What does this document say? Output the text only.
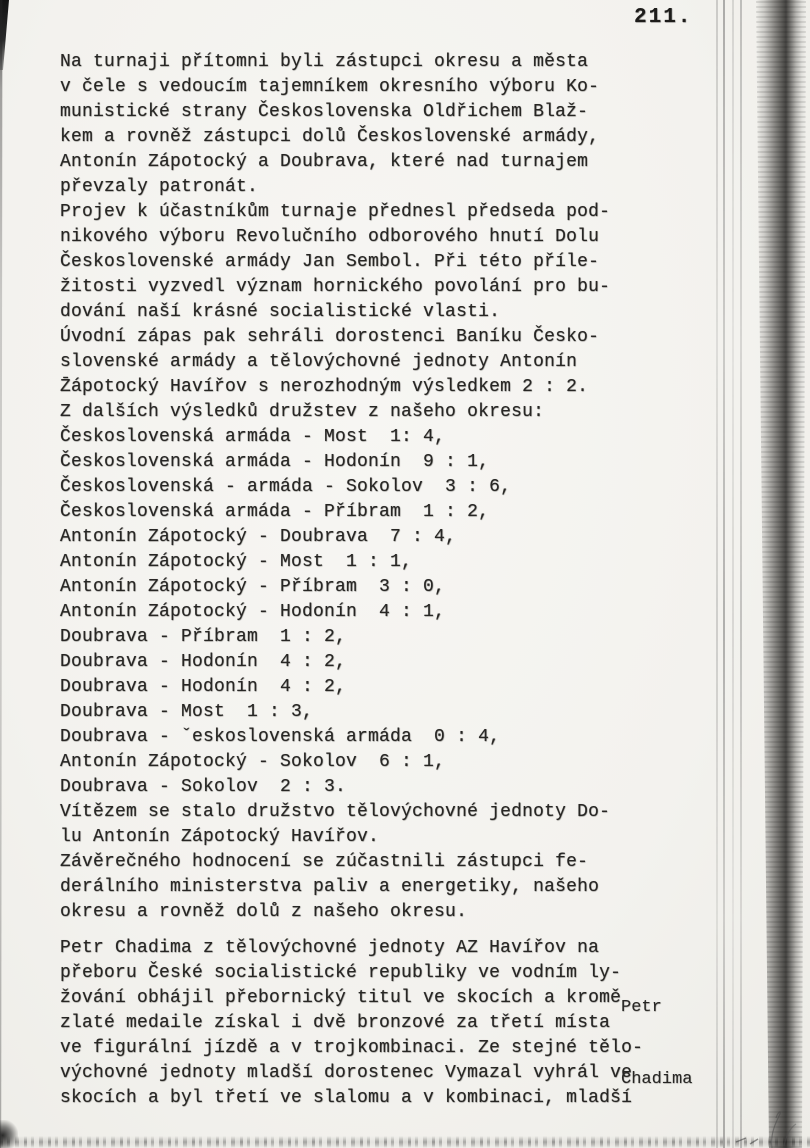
211.
Na turnaji přítomni byli zástupci okresu a města
v čele s vedoucím tajemníkem okresního výboru Ko-
munistické strany Československa Oldřichem Blaž-
kem a rovněž zástupci dolů Československé armády,
Antonín Zápotocký a Doubrava, které nad turnajem
převzaly patronát.
Projev k účastníkům turnaje přednesl předseda pod-
nikového výboru Revolučního odborového hnutí Dolu
Československé armády Jan Sembol. Při této příle-
žitosti vyzvedl význam hornického povolání pro bu-
dování naší krásné socialistické vlasti.
Úvodní zápas pak sehráli dorostenci Baníku Česko-
slovenské armády a tělovýchovné jednoty Antonín
Z̄ápotocký Havířov s nerozhodným výsledkem 2 : 2.
Z dalších výsledků družstev z našeho okresu:
Československá armáda - Most  1: 4,
Československá armáda - Hodonín  9 : 1,
Československá - armáda - Sokolov  3 : 6,
Československá armáda - Příbram  1 : 2,
Antonín Zápotocký - Doubrava  7 : 4,
Antonín Zápotocký - Most  1 : 1,
Antonín Zápotocký - Příbram  3 : 0,
Antonín Zápotocký - Hodonín  4 : 1,
Doubrava - Příbram  1 : 2,
Doubrava - Hodonín  4 : 2,
Doubrava - Hodonín  4 : 2,
Doubrava - Most  1 : 3,
Doubrava - ˇeskoslovenská armáda  0 : 4,
Antonín Zápotocký - Sokolov  6 : 1,
Doubrava - Sokolov  2 : 3.
Vítězem se stalo družstvo tělovýchovné jednoty Do-
lu Antonín Zápotocký Havířov.
Závěrečného hodnocení se zúčastnili zástupci fe-
derálního ministerstva paliv a energetiky, našeho
okresu a rovněž dolů z našeho okresu.
Petr Chadima z tělovýchovné jednoty AZ Havířov na
přeboru České socialistické republiky ve vodním ly-
žování obhájil přebornický titul ve skocích a kromě
zlaté medaile získal i dvě bronzové za třetí místa
ve figurální jízdě a v trojkombinaci. Ze stejné tělo-
výchovné jednoty mladší dorostenec Vymazal vyhrál ve
skocích a byl třetí ve slalomu a v kombinaci, mladší

Petr

Chadima
